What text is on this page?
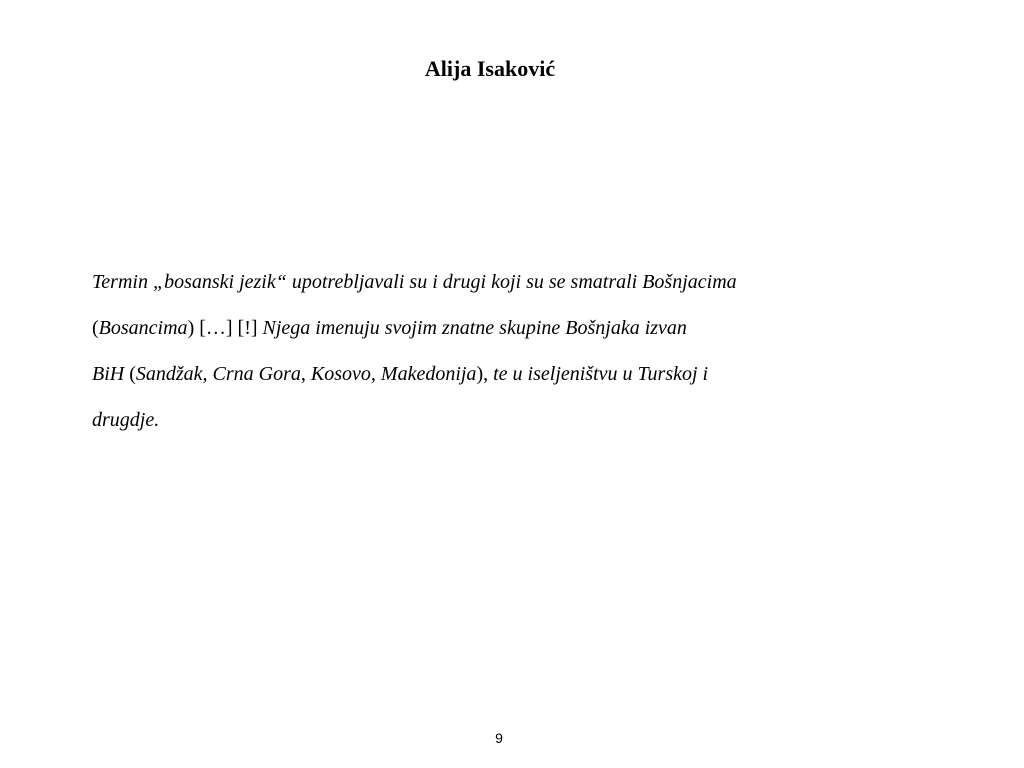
Alija Isaković
Termin „bosanski jezik“ upotrebljavali su i drugi koji su se smatrali Bošnjacima
(Bosancima) […] [!] Njega imenuju svojim znatne skupine Bošnjaka izvan
BiH (Sandžak, Crna Gora, Kosovo, Makedonija), te u iseljeništvu u Turskoj i
drugdje.
9
